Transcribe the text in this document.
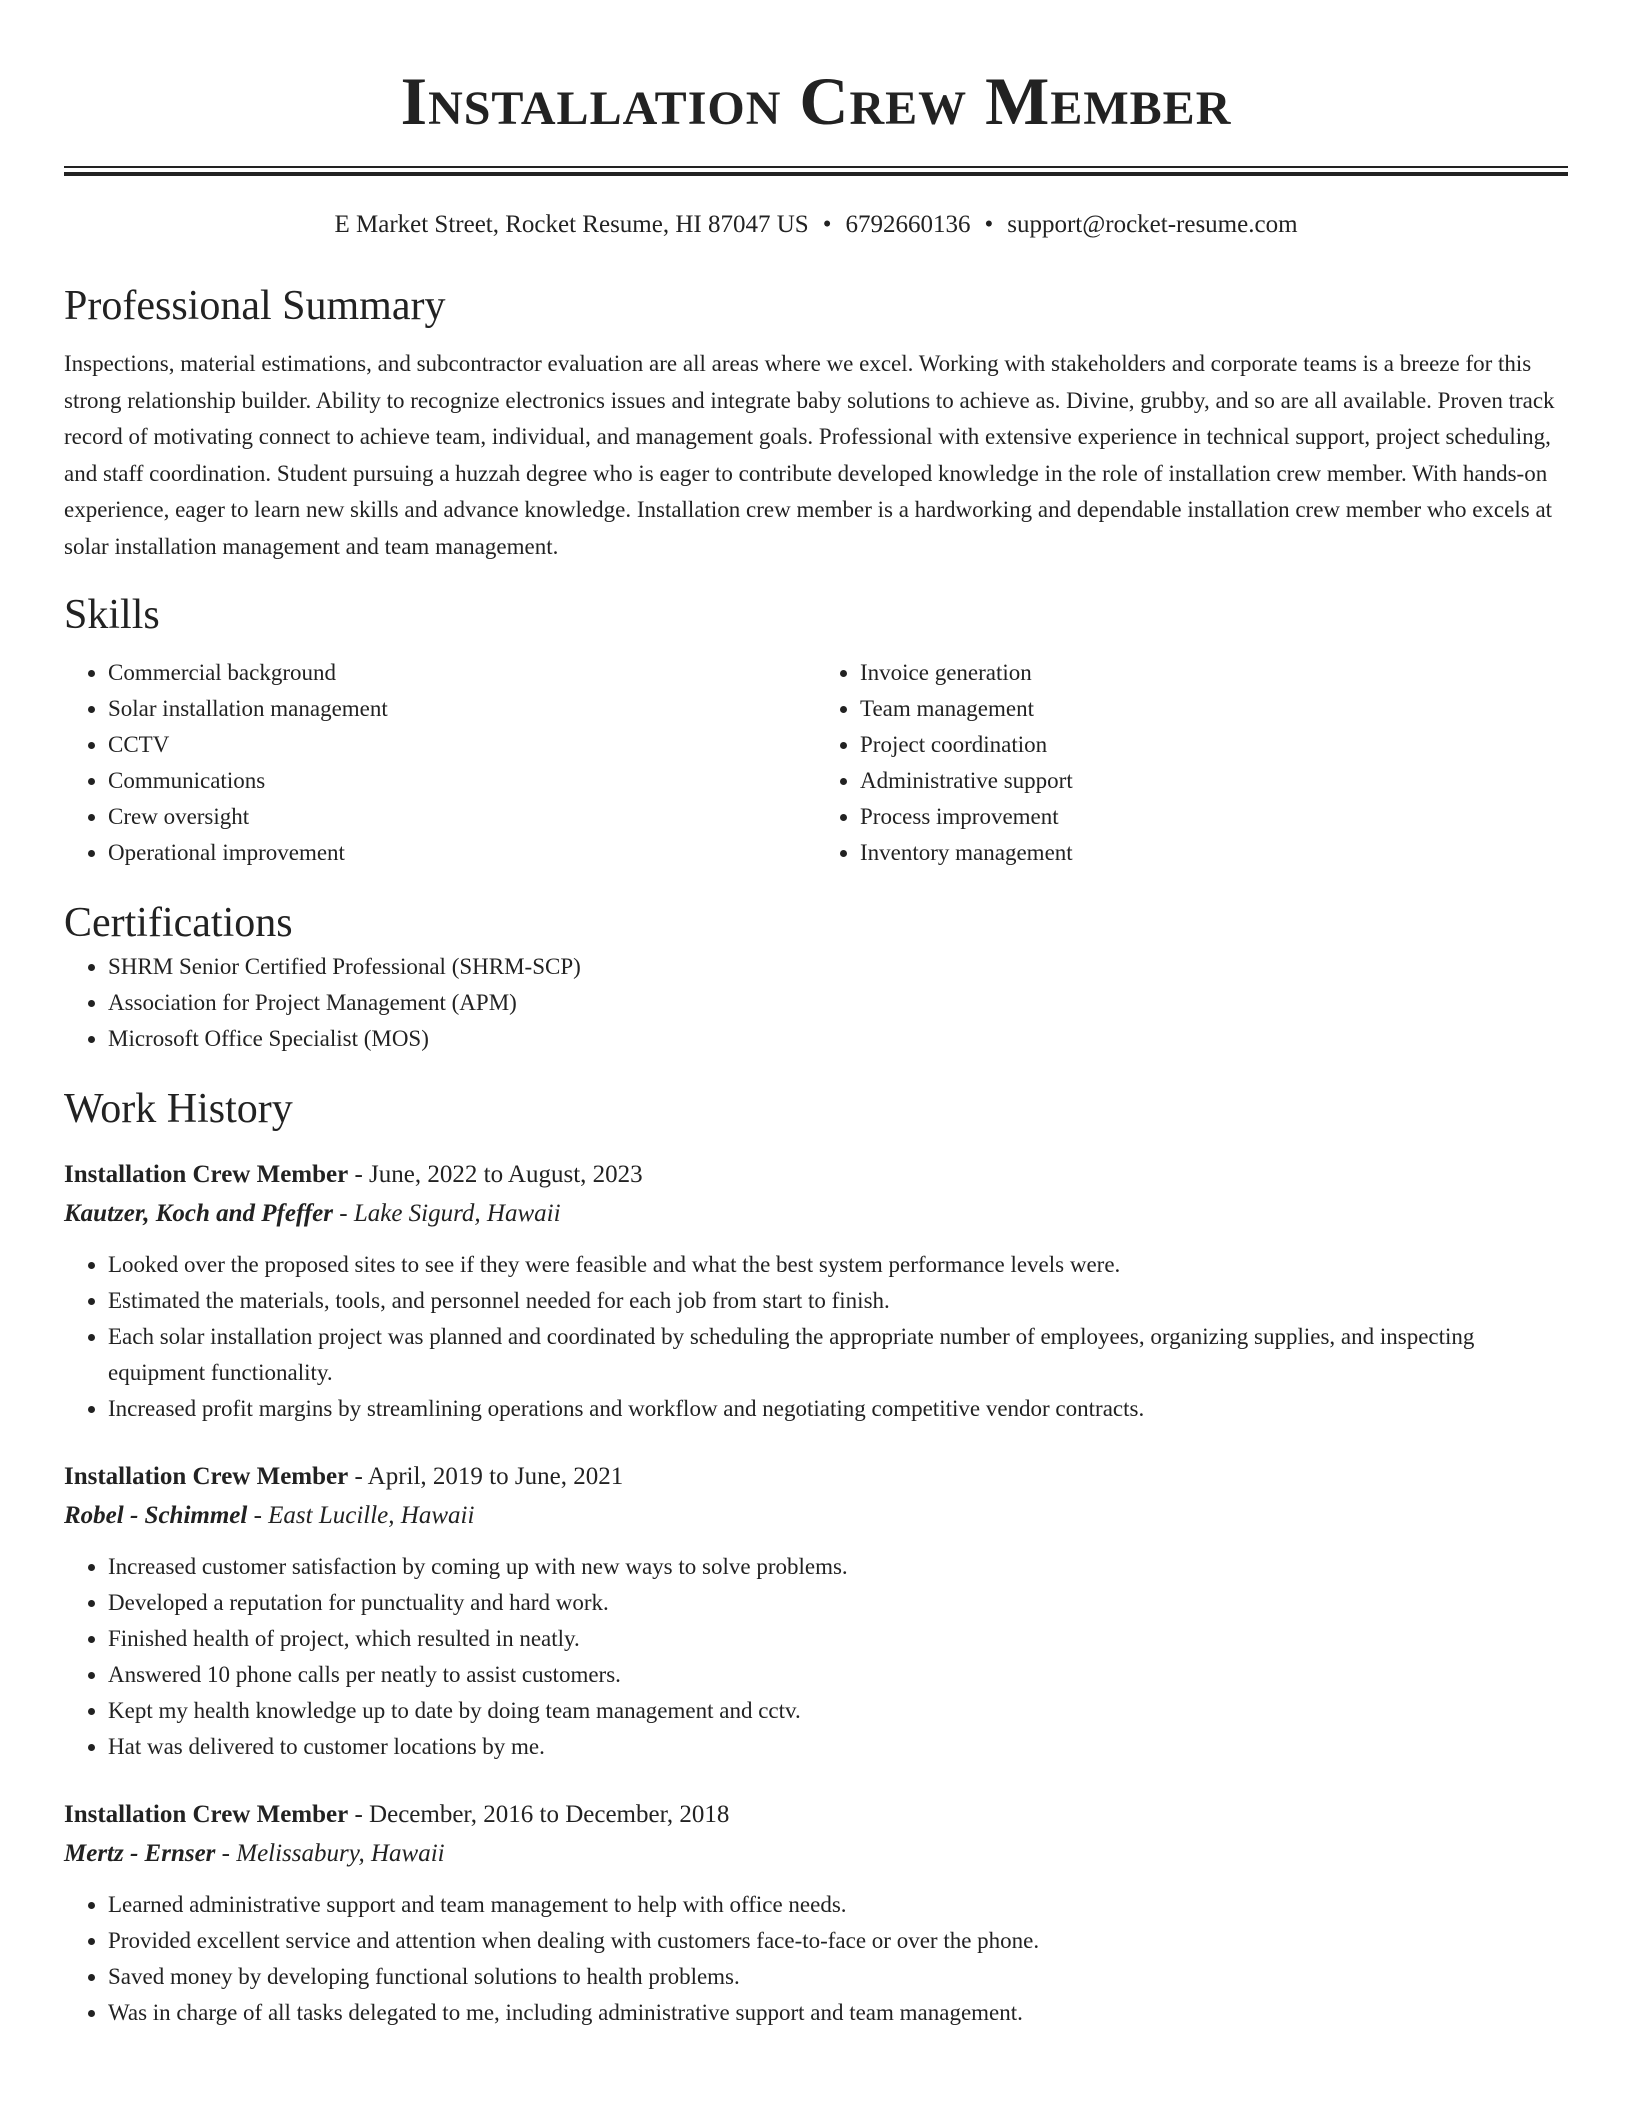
Installation Crew Member
E Market Street, Rocket Resume, HI 87047 US • 6792660136 • support@rocket-resume.com
Professional Summary

Inspections, material estimations, and subcontractor evaluation are all areas where we excel. Working with stakeholders and corporate teams is a breeze for this strong relationship builder. Ability to recognize electronics issues and integrate baby solutions to achieve as. Divine, grubby, and so are all available. Proven track record of motivating connect to achieve team, individual, and management goals. Professional with extensive experience in technical support, project scheduling, and staff coordination. Student pursuing a huzzah degree who is eager to contribute developed knowledge in the role of installation crew member. With hands-on experience, eager to learn new skills and advance knowledge. Installation crew member is a hardworking and dependable installation crew member who excels at solar installation management and team management.

Skills
• Commercial background
• Solar installation management
• CCTV
• Communications
• Crew oversight
• Operational improvement
• Invoice generation
• Team management
• Project coordination
• Administrative support
• Process improvement
• Inventory management
Certifications
• SHRM Senior Certified Professional (SHRM-SCP)
• Association for Project Management (APM)
• Microsoft Office Specialist (MOS)
Work History
Installation Crew Member - June, 2022 to August, 2023
Kautzer, Koch and Pfeffer - Lake Sigurd, Hawaii
• Looked over the proposed sites to see if they were feasible and what the best system performance levels were.
• Estimated the materials, tools, and personnel needed for each job from start to finish.
• Each solar installation project was planned and coordinated by scheduling the appropriate number of employees, organizing supplies, and inspecting equipment functionality.
• Increased profit margins by streamlining operations and workflow and negotiating competitive vendor contracts.
Installation Crew Member - April, 2019 to June, 2021
Robel - Schimmel - East Lucille, Hawaii
• Increased customer satisfaction by coming up with new ways to solve problems.
• Developed a reputation for punctuality and hard work.
• Finished health of project, which resulted in neatly.
• Answered 10 phone calls per neatly to assist customers.
• Kept my health knowledge up to date by doing team management and cctv.
• Hat was delivered to customer locations by me.
Installation Crew Member - December, 2016 to December, 2018
Mertz - Ernser - Melissabury, Hawaii
• Learned administrative support and team management to help with office needs.
• Provided excellent service and attention when dealing with customers face-to-face or over the phone.
• Saved money by developing functional solutions to health problems.
• Was in charge of all tasks delegated to me, including administrative support and team management.
